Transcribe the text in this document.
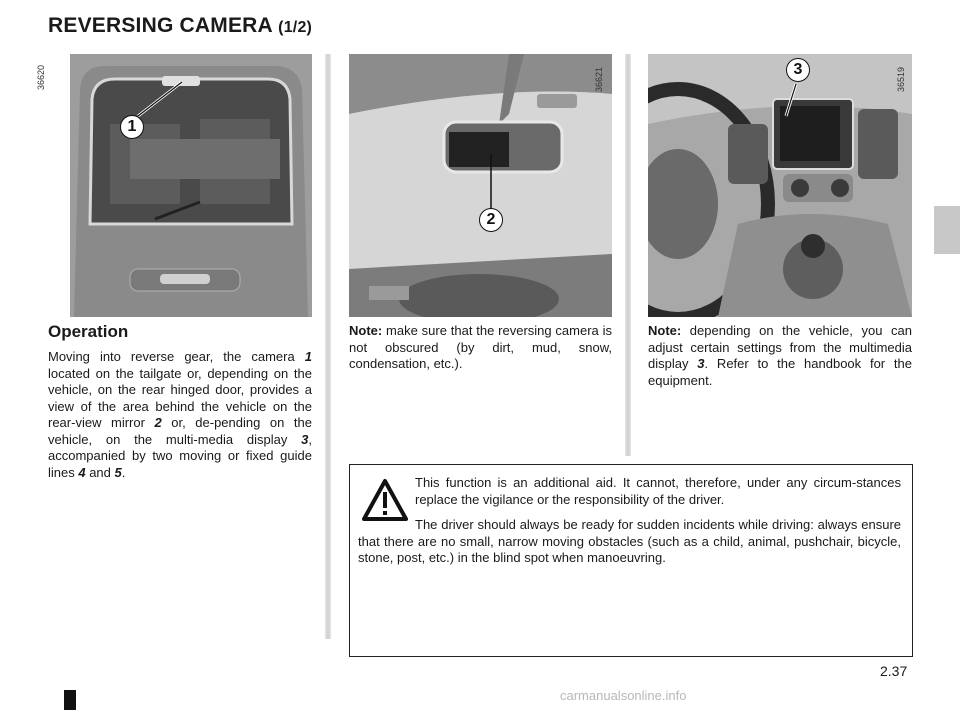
REVERSING CAMERA (1/2)
36620
1
36621
2
36519
3
Operation
Moving into reverse gear, the camera 1 located on the tailgate or, depending on the vehicle, on the rear hinged door, provides a view of the area behind the vehicle on the rear-view mirror 2 or, de-pending on the vehicle, on the multi-media display 3, accompanied by two moving or fixed guide lines 4 and 5.
Note: make sure that the reversing camera is not obscured (by dirt, mud, snow, condensation, etc.).
Note: depending on the vehicle, you can adjust certain settings from the multimedia display 3. Refer to the handbook for the equipment.
This function is an additional aid. It cannot, therefore, under any circum-stances replace the vigilance or the responsibility of the driver.
The driver should always be ready for sudden incidents while driving: always ensure that there are no small, narrow moving obstacles (such as a child, animal, pushchair, bicycle, stone, post, etc.) in the blind spot when manoeuvring.
2.37
carmanualsonline.info
